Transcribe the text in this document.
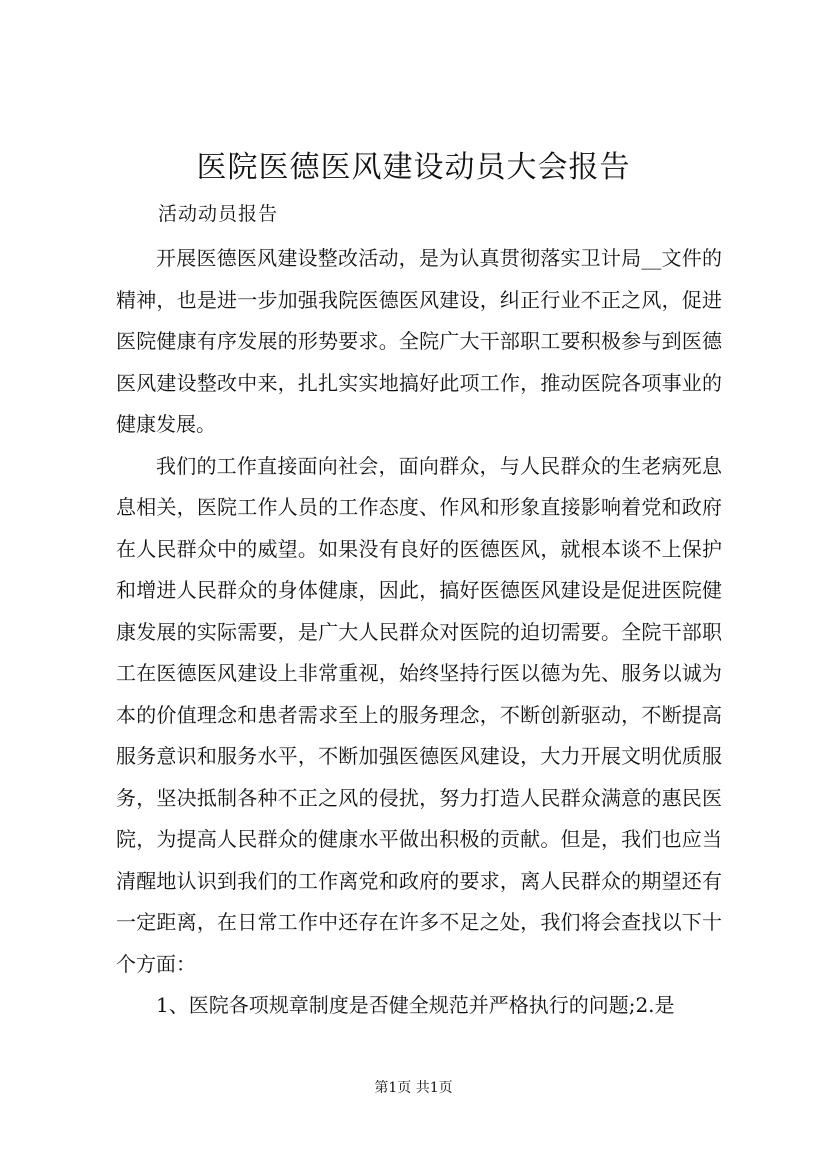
医院医德医风建设动员大会报告
活动动员报告

开展医德医风建设整改活动，是为认真贯彻落实卫计局__文件的精神，也是进一步加强我院医德医风建设，纠正行业不正之风，促进医院健康有序发展的形势要求。全院广大干部职工要积极参与到医德医风建设整改中来，扎扎实实地搞好此项工作，推动医院各项事业的健康发展。

我们的工作直接面向社会，面向群众，与人民群众的生老病死息息相关，医院工作人员的工作态度、作风和形象直接影响着党和政府在人民群众中的威望。如果没有良好的医德医风，就根本谈不上保护和增进人民群众的身体健康，因此，搞好医德医风建设是促进医院健康发展的实际需要，是广大人民群众对医院的迫切需要。全院干部职工在医德医风建设上非常重视，始终坚持行医以德为先、服务以诚为本的价值理念和患者需求至上的服务理念，不断创新驱动，不断提高服务意识和服务水平，不断加强医德医风建设，大力开展文明优质服务，坚决抵制各种不正之风的侵扰，努力打造人民群众满意的惠民医院，为提高人民群众的健康水平做出积极的贡献。但是，我们也应当清醒地认识到我们的工作离党和政府的要求，离人民群众的期望还有一定距离，在日常工作中还存在许多不足之处，我们将会查找以下十个方面：

1、医院各项规章制度是否健全规范并严格执行的问题;2.是

第1页 共1页
